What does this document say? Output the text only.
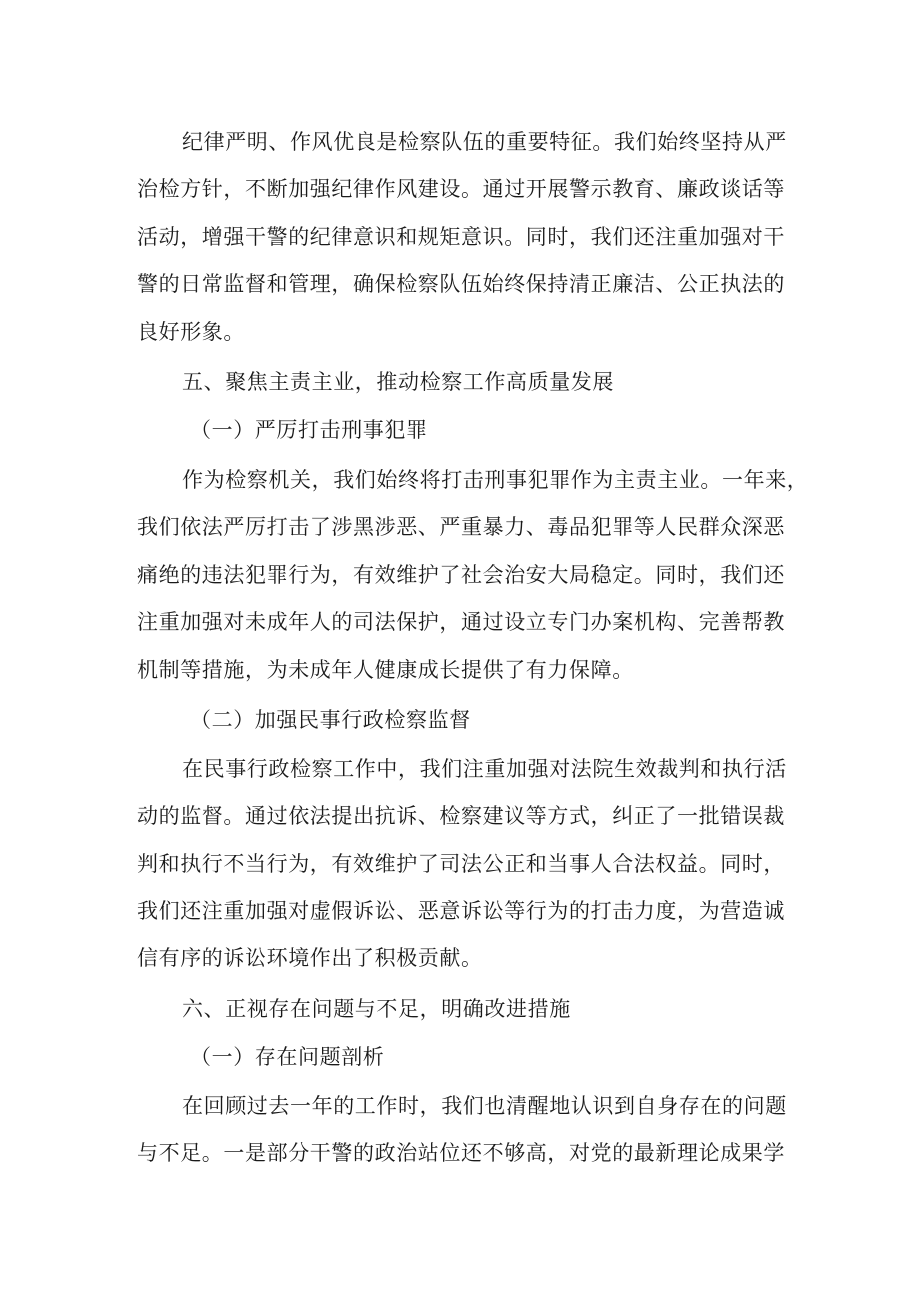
纪律严明、作风优良是检察队伍的重要特征。我们始终坚持从严
治检方针，不断加强纪律作风建设。通过开展警示教育、廉政谈话等
活动，增强干警的纪律意识和规矩意识。同时，我们还注重加强对干
警的日常监督和管理，确保检察队伍始终保持清正廉洁、公正执法的
良好形象。
五、聚焦主责主业，推动检察工作高质量发展
（一）严厉打击刑事犯罪
作为检察机关，我们始终将打击刑事犯罪作为主责主业。一年来，
我们依法严厉打击了涉黑涉恶、严重暴力、毒品犯罪等人民群众深恶
痛绝的违法犯罪行为，有效维护了社会治安大局稳定。同时，我们还
注重加强对未成年人的司法保护，通过设立专门办案机构、完善帮教
机制等措施，为未成年人健康成长提供了有力保障。
（二）加强民事行政检察监督
在民事行政检察工作中，我们注重加强对法院生效裁判和执行活
动的监督。通过依法提出抗诉、检察建议等方式，纠正了一批错误裁
判和执行不当行为，有效维护了司法公正和当事人合法权益。同时，
我们还注重加强对虚假诉讼、恶意诉讼等行为的打击力度，为营造诚
信有序的诉讼环境作出了积极贡献。
六、正视存在问题与不足，明确改进措施
（一）存在问题剖析
在回顾过去一年的工作时，我们也清醒地认识到自身存在的问题
与不足。一是部分干警的政治站位还不够高，对党的最新理论成果学
